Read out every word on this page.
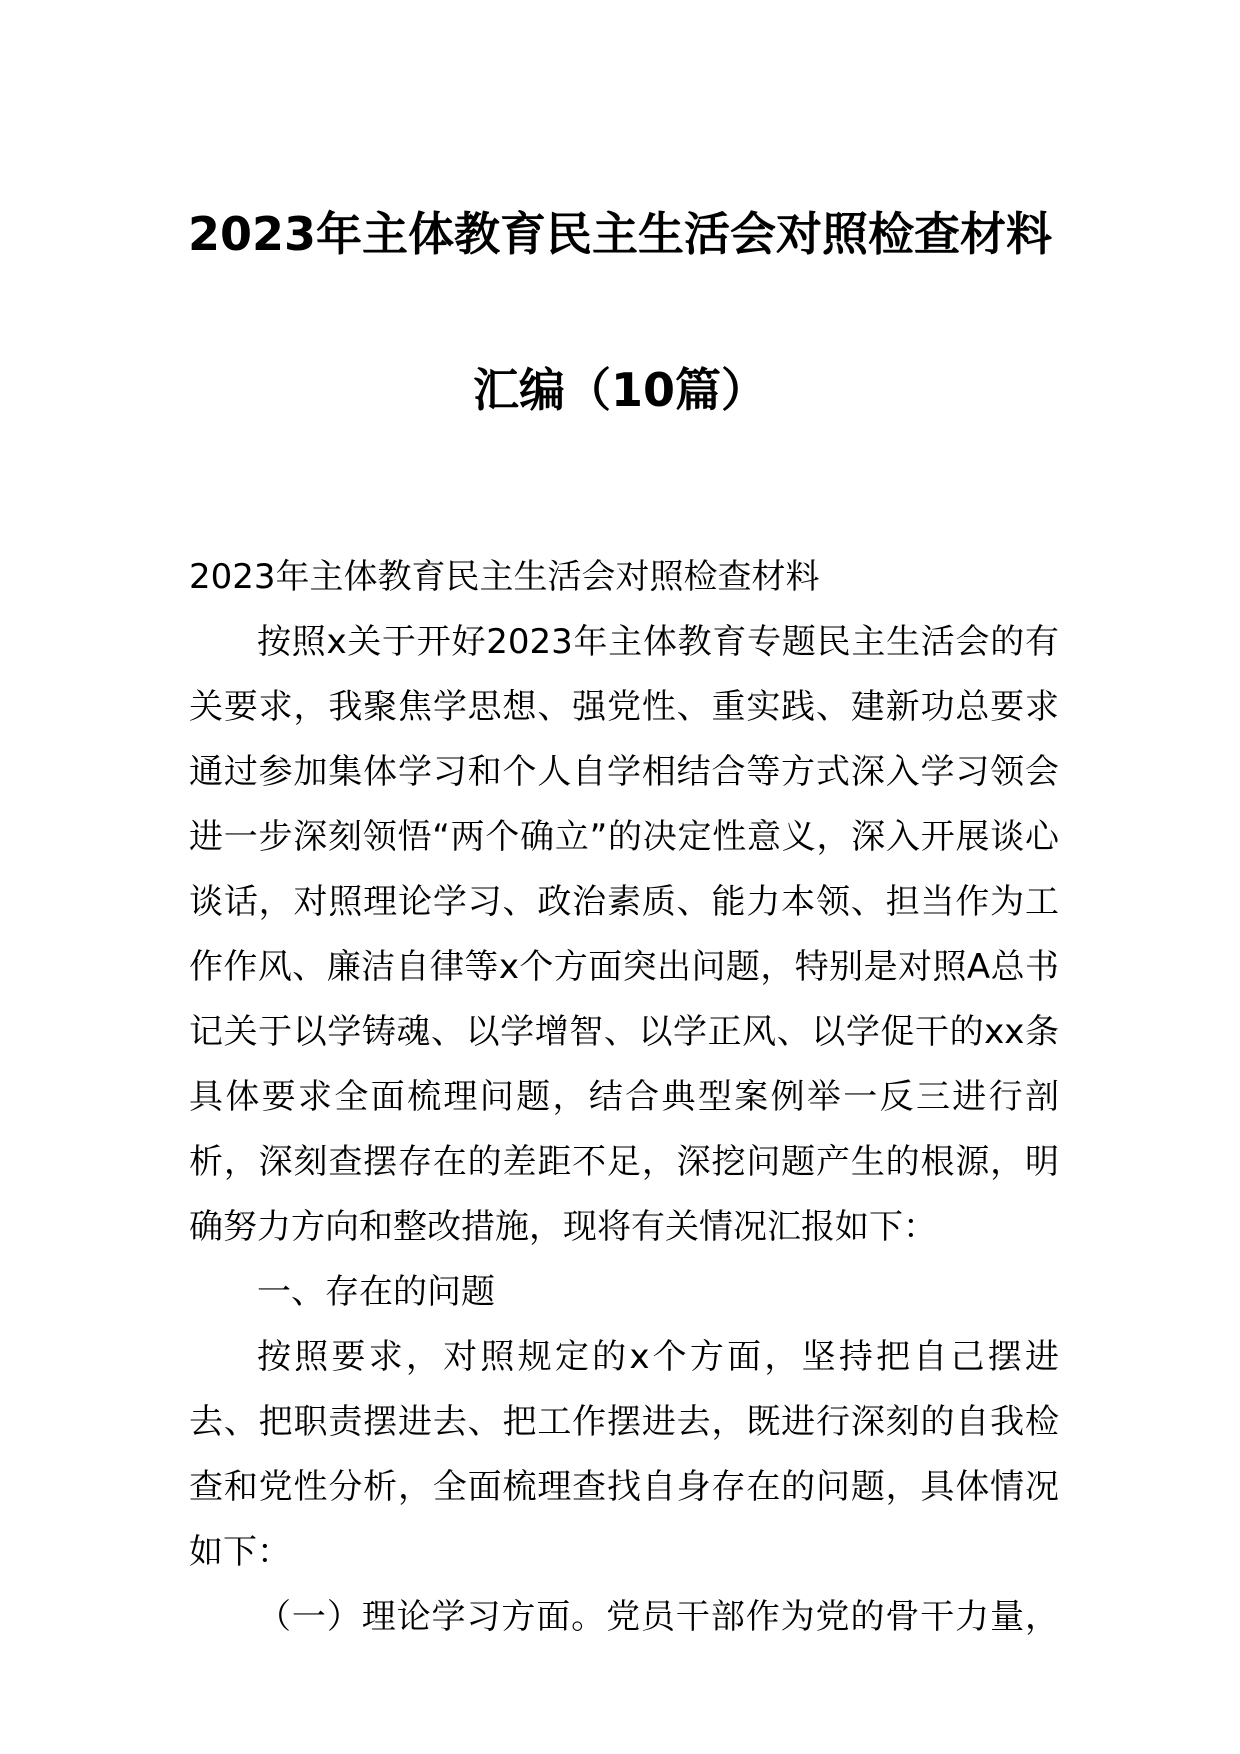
2023年主体教育民主生活会对照检查材料
汇编（10篇）

2023年主体教育民主生活会对照检查材料

按照x关于开好2023年主体教育专题民主生活会的有关要求，我聚焦学思想、强党性、重实践、建新功总要求通过参加集体学习和个人自学相结合等方式深入学习领会进一步深刻领悟“两个确立”的决定性意义，深入开展谈心谈话，对照理论学习、政治素质、能力本领、担当作为工作作风、廉洁自律等x个方面突出问题，特别是对照A总书记关于以学铸魂、以学增智、以学正风、以学促干的xx条具体要求全面梳理问题，结合典型案例举一反三进行剖析，深刻查摆存在的差距不足，深挖问题产生的根源，明确努力方向和整改措施，现将有关情况汇报如下：

一、存在的问题

按照要求，对照规定的x个方面，坚持把自己摆进去、把职责摆进去、把工作摆进去，既进行深刻的自我检查和党性分析，全面梳理查找自身存在的问题，具体情况如下：

（一）理论学习方面。党员干部作为党的骨干力量，
